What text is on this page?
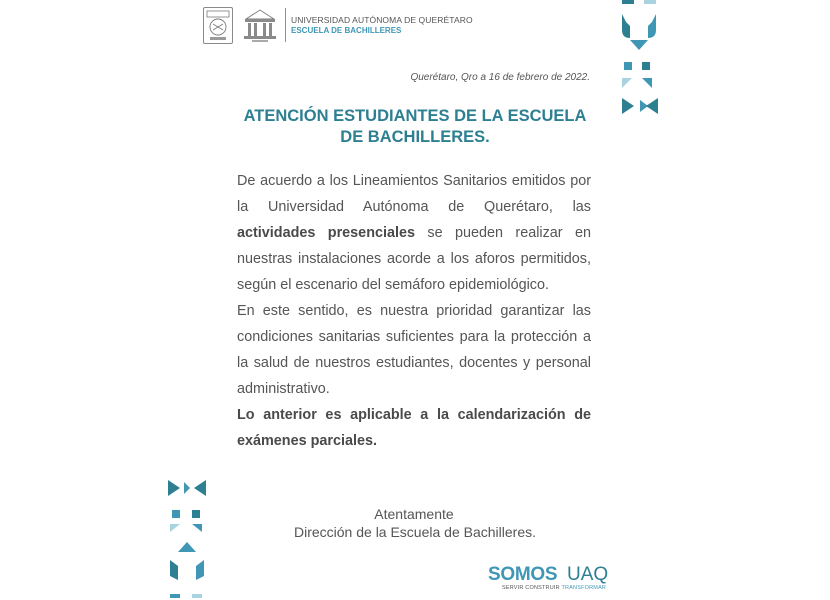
UNIVERSIDAD AUTÓNOMA DE QUERÉTARO
ESCUELA DE BACHILLERES
Querétaro, Qro a 16 de febrero de 2022.
ATENCIÓN ESTUDIANTES DE LA ESCUELA
DE BACHILLERES.

De acuerdo a los Lineamientos Sanitarios emitidos por la Universidad Autónoma de Querétaro, las actividades presenciales se pueden realizar en nuestras instalaciones acorde a los aforos permitidos, según el escenario del semáforo epidemiológico.

En este sentido, es nuestra prioridad garantizar las condiciones sanitarias suficientes para la protección a la salud de nuestros estudiantes, docentes y personal administrativo.

Lo anterior es aplicable a la calendarización de exámenes parciales.

Atentamente
Dirección de la Escuela de Bachilleres.
SOMOS UAQ
SERVIR CONSTRUIR TRANSFORMAR
